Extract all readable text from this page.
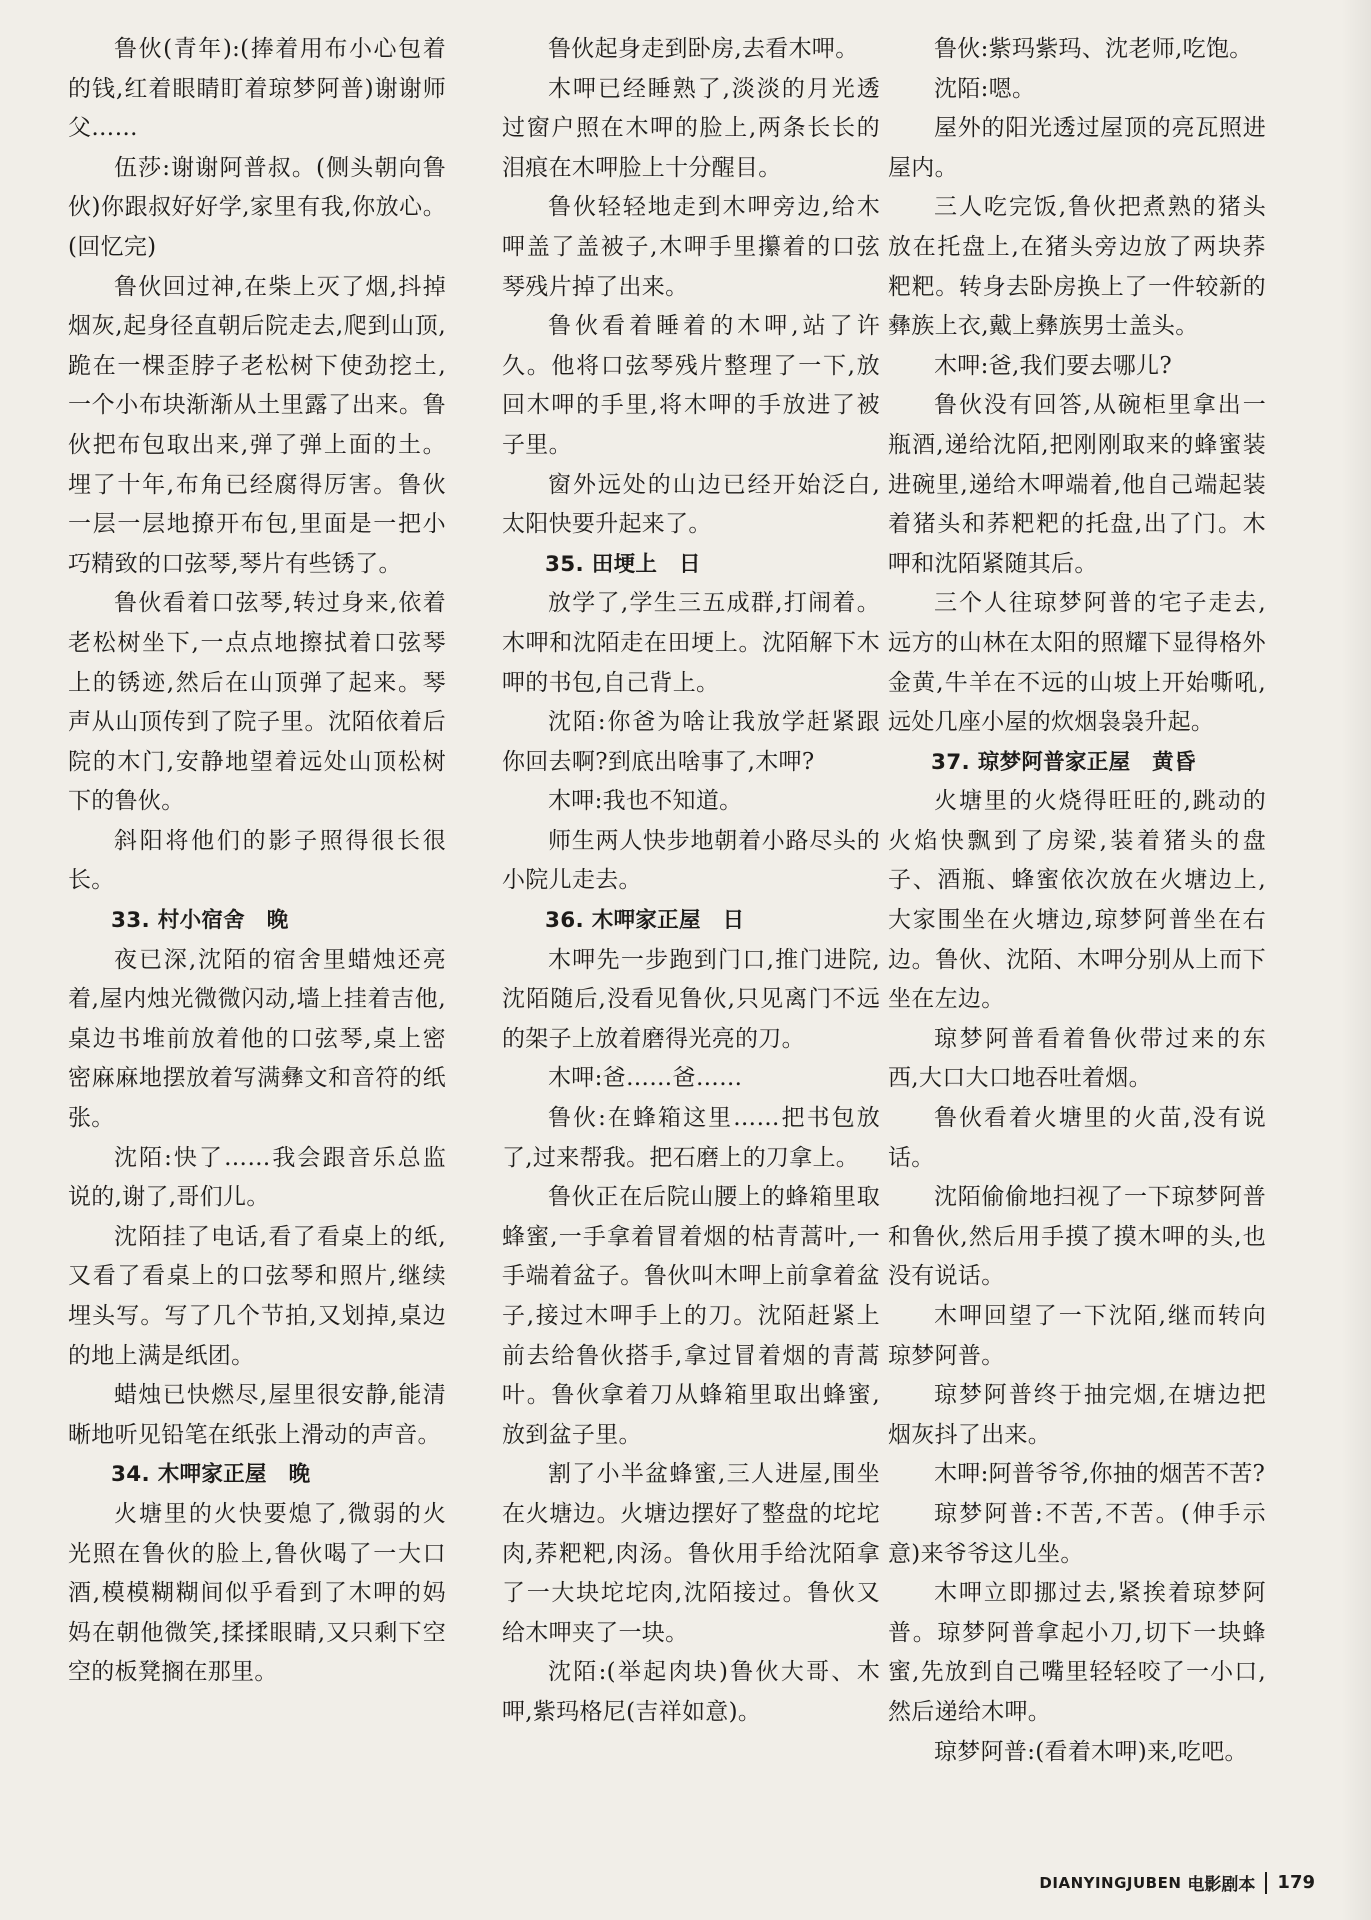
鲁伙(青年):(捧着用布小心包着的钱,红着眼睛盯着琼梦阿普)谢谢师父……

伍莎:谢谢阿普叔。(侧头朝向鲁伙)你跟叔好好学,家里有我,你放心。(回忆完)

鲁伙回过神,在柴上灭了烟,抖掉烟灰,起身径直朝后院走去,爬到山顶,跪在一棵歪脖子老松树下使劲挖土,一个小布块渐渐从土里露了出来。鲁伙把布包取出来,弹了弹上面的土。埋了十年,布角已经腐得厉害。鲁伙一层一层地撩开布包,里面是一把小巧精致的口弦琴,琴片有些锈了。

鲁伙看着口弦琴,转过身来,依着老松树坐下,一点点地擦拭着口弦琴上的锈迹,然后在山顶弹了起来。琴声从山顶传到了院子里。沈陌依着后院的木门,安静地望着远处山顶松树下的鲁伙。

斜阳将他们的影子照得很长很长。

33. 村小宿舍　晚

夜已深,沈陌的宿舍里蜡烛还亮着,屋内烛光微微闪动,墙上挂着吉他,桌边书堆前放着他的口弦琴,桌上密密麻麻地摆放着写满彝文和音符的纸张。

沈陌:快了……我会跟音乐总监说的,谢了,哥们儿。

沈陌挂了电话,看了看桌上的纸,又看了看桌上的口弦琴和照片,继续埋头写。写了几个节拍,又划掉,桌边的地上满是纸团。

蜡烛已快燃尽,屋里很安静,能清晰地听见铅笔在纸张上滑动的声音。

34. 木呷家正屋　晚

火塘里的火快要熄了,微弱的火光照在鲁伙的脸上,鲁伙喝了一大口酒,模模糊糊间似乎看到了木呷的妈妈在朝他微笑,揉揉眼睛,又只剩下空空的板凳搁在那里。

鲁伙起身走到卧房,去看木呷。

木呷已经睡熟了,淡淡的月光透过窗户照在木呷的脸上,两条长长的泪痕在木呷脸上十分醒目。

鲁伙轻轻地走到木呷旁边,给木呷盖了盖被子,木呷手里攥着的口弦琴残片掉了出来。

鲁伙看着睡着的木呷,站了许久。他将口弦琴残片整理了一下,放回木呷的手里,将木呷的手放进了被子里。

窗外远处的山边已经开始泛白,太阳快要升起来了。

35. 田埂上　日

放学了,学生三五成群,打闹着。木呷和沈陌走在田埂上。沈陌解下木呷的书包,自己背上。

沈陌:你爸为啥让我放学赶紧跟你回去啊?到底出啥事了,木呷?

木呷:我也不知道。

师生两人快步地朝着小路尽头的小院儿走去。

36. 木呷家正屋　日

木呷先一步跑到门口,推门进院,沈陌随后,没看见鲁伙,只见离门不远的架子上放着磨得光亮的刀。

木呷:爸……爸……

鲁伙:在蜂箱这里……把书包放了,过来帮我。把石磨上的刀拿上。

鲁伙正在后院山腰上的蜂箱里取蜂蜜,一手拿着冒着烟的枯青蒿叶,一手端着盆子。鲁伙叫木呷上前拿着盆子,接过木呷手上的刀。沈陌赶紧上前去给鲁伙搭手,拿过冒着烟的青蒿叶。鲁伙拿着刀从蜂箱里取出蜂蜜,放到盆子里。

割了小半盆蜂蜜,三人进屋,围坐在火塘边。火塘边摆好了整盘的坨坨肉,荞粑粑,肉汤。鲁伙用手给沈陌拿了一大块坨坨肉,沈陌接过。鲁伙又给木呷夹了一块。

沈陌:(举起肉块)鲁伙大哥、木呷,紫玛格尼(吉祥如意)。

鲁伙:紫玛紫玛、沈老师,吃饱。

沈陌:嗯。

屋外的阳光透过屋顶的亮瓦照进屋内。

三人吃完饭,鲁伙把煮熟的猪头放在托盘上,在猪头旁边放了两块荞粑粑。转身去卧房换上了一件较新的彝族上衣,戴上彝族男士盖头。

木呷:爸,我们要去哪儿?

鲁伙没有回答,从碗柜里拿出一瓶酒,递给沈陌,把刚刚取来的蜂蜜装进碗里,递给木呷端着,他自己端起装着猪头和荞粑粑的托盘,出了门。木呷和沈陌紧随其后。

三个人往琼梦阿普的宅子走去,远方的山林在太阳的照耀下显得格外金黄,牛羊在不远的山坡上开始嘶吼,远处几座小屋的炊烟袅袅升起。

37. 琼梦阿普家正屋　黄昏

火塘里的火烧得旺旺的,跳动的火焰快飘到了房梁,装着猪头的盘子、酒瓶、蜂蜜依次放在火塘边上,大家围坐在火塘边,琼梦阿普坐在右边。鲁伙、沈陌、木呷分别从上而下坐在左边。

琼梦阿普看着鲁伙带过来的东西,大口大口地吞吐着烟。

鲁伙看着火塘里的火苗,没有说话。

沈陌偷偷地扫视了一下琼梦阿普和鲁伙,然后用手摸了摸木呷的头,也没有说话。

木呷回望了一下沈陌,继而转向琼梦阿普。

琼梦阿普终于抽完烟,在塘边把烟灰抖了出来。

木呷:阿普爷爷,你抽的烟苦不苦?

琼梦阿普:不苦,不苦。(伸手示意)来爷爷这儿坐。

木呷立即挪过去,紧挨着琼梦阿普。琼梦阿普拿起小刀,切下一块蜂蜜,先放到自己嘴里轻轻咬了一小口,然后递给木呷。

琼梦阿普:(看着木呷)来,吃吧。

DIANYINGJUBEN 电影剧本 179
